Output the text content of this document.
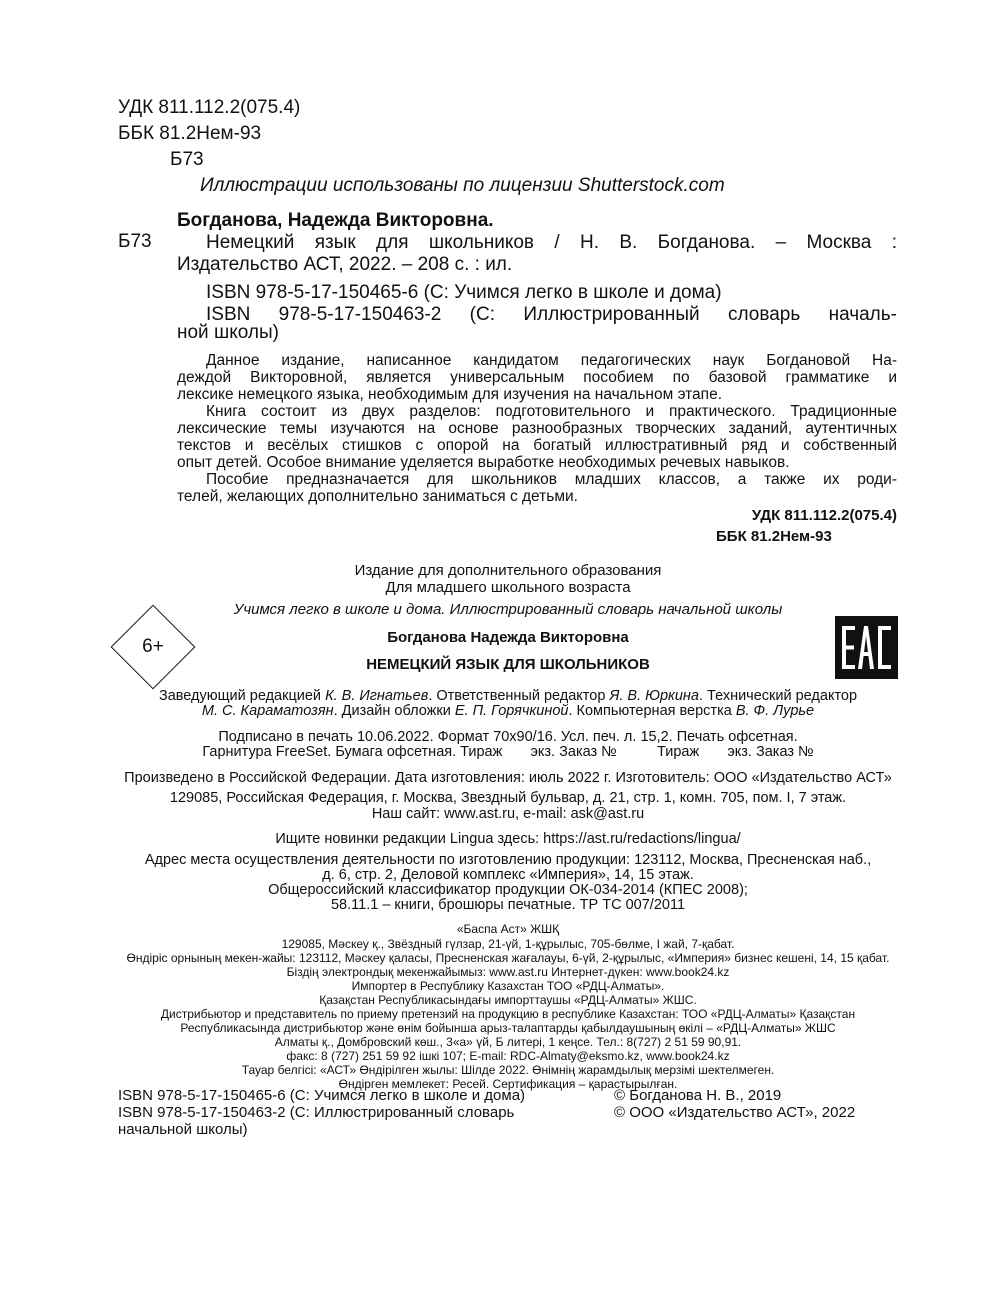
УДК 811.112.2(075.4)
ББК 81.2Нем-93
Б73
Иллюстрации использованы по лицензии Shutterstock.com
Б73
Богданова, Надежда Викторовна.
Немецкий язык для школьников / Н. В. Богданова. – Москва :
Издательство АСТ, 2022. – 208 с. : ил.
ISBN 978-5-17-150465-6 (С: Учимся легко в школе и дома)
ISBN 978-5-17-150463-2 (С: Иллюстрированный словарь началь-
ной школы)
Данное издание, написанное кандидатом педагогических наук Богдановой На-
деждой Викторовной, является универсальным пособием по базовой грамматике и
лексике немецкого языка, необходимым для изучения на начальном этапе.
Книга состоит из двух разделов: подготовительного и практического. Традиционные
лексические темы изучаются на основе разнообразных творческих заданий, аутентичных
текстов и весёлых стишков с опорой на богатый иллюстративный ряд и собственный
опыт детей. Особое внимание уделяется выработке необходимых речевых навыков.
Пособие предназначается для школьников младших классов, а также их роди-
телей, желающих дополнительно заниматься с детьми.
УДК 811.112.2(075.4)
ББК 81.2Нем-93
Издание для дополнительного образования
Для младшего школьного возраста
Учимся легко в школе и дома. Иллюстрированный словарь начальной школы
6+	Богданова Надежда Викторовна
НЕМЕЦКИЙ ЯЗЫК ДЛЯ ШКОЛЬНИКОВ
Заведующий редакцией К. В. Игнатьев. Ответственный редактор Я. В. Юркина. Технический редактор
М. С. Караматозян. Дизайн обложки Е. П. Горячкиной. Компьютерная верстка В. Ф. Лурье
Подписано в печать 10.06.2022. Формат 70x90/16. Усл. печ. л. 15,2. Печать офсетная.
Гарнитура FreeSet. Бумага офсетная. Тираж       экз. Заказ №          Тираж       экз. Заказ №
Произведено в Российской Федерации. Дата изготовления: июль 2022 г. Изготовитель: ООО «Издательство АСТ»
129085, Российская Федерация, г. Москва, Звездный бульвар, д. 21, стр. 1, комн. 705, пом. I, 7 этаж.
Наш сайт: www.ast.ru, e-mail: ask@ast.ru
Ищите новинки редакции Lingua здесь: https://ast.ru/redactions/lingua/
Адрес места осуществления деятельности по изготовлению продукции: 123112, Москва, Пресненская наб.,
д. 6, стр. 2, Деловой комплекс «Империя», 14, 15 этаж.
Общероссийский классификатор продукции ОК-034-2014 (КПЕС 2008);
58.11.1 – книги, брошюры печатные. ТР ТС 007/2011
«Баспа Аст» ЖШҚ
129085, Мәскеу қ., Звёздный гүлзар, 21-үй, 1-құрылыс, 705-бөлме, I жай, 7-қабат.
Өндіріс орнының мекен-жайы: 123112, Мәскеу қаласы, Пресненская жағалауы, 6-үй, 2-құрылыс, «Империя» бизнес кешені, 14, 15 қабат.
Біздің электрондық мекенжайымыз: www.ast.ru Интернет-дүкен: www.book24.kz
Импортер в Республику Казахстан ТОО «РДЦ-Алматы».
Қазақстан Республикасындағы импорттаушы «РДЦ-Алматы» ЖШС.
Дистрибьютор и представитель по приему претензий на продукцию в республике Казахстан: ТОО «РДЦ-Алматы» Қазақстан
Республикасында дистрибьютор және өнім бойынша арыз-талаптарды қабылдаушының өкілі – «РДЦ-Алматы» ЖШС
Алматы қ., Домбровский көш., 3«а» үй, Б литері, 1 кеңсе. Тел.: 8(727) 2 51 59 90,91.
факс: 8 (727) 251 59 92 ішкі 107; E-mail: RDC-Almaty@eksmo.kz, www.book24.kz
Тауар белгісі: «АСТ» Өндірілген жылы: Шілде 2022. Өнімнің жарамдылық мерзімі шектелмеген.
Өндірген мемлекет: Ресей. Сертификация – қарастырылған.
ISBN 978-5-17-150465-6 (С: Учимся легко в школе и дома)
ISBN 978-5-17-150463-2 (С: Иллюстрированный словарь
начальной школы)
© Богданова Н. В., 2019
© ООО «Издательство АСТ», 2022
